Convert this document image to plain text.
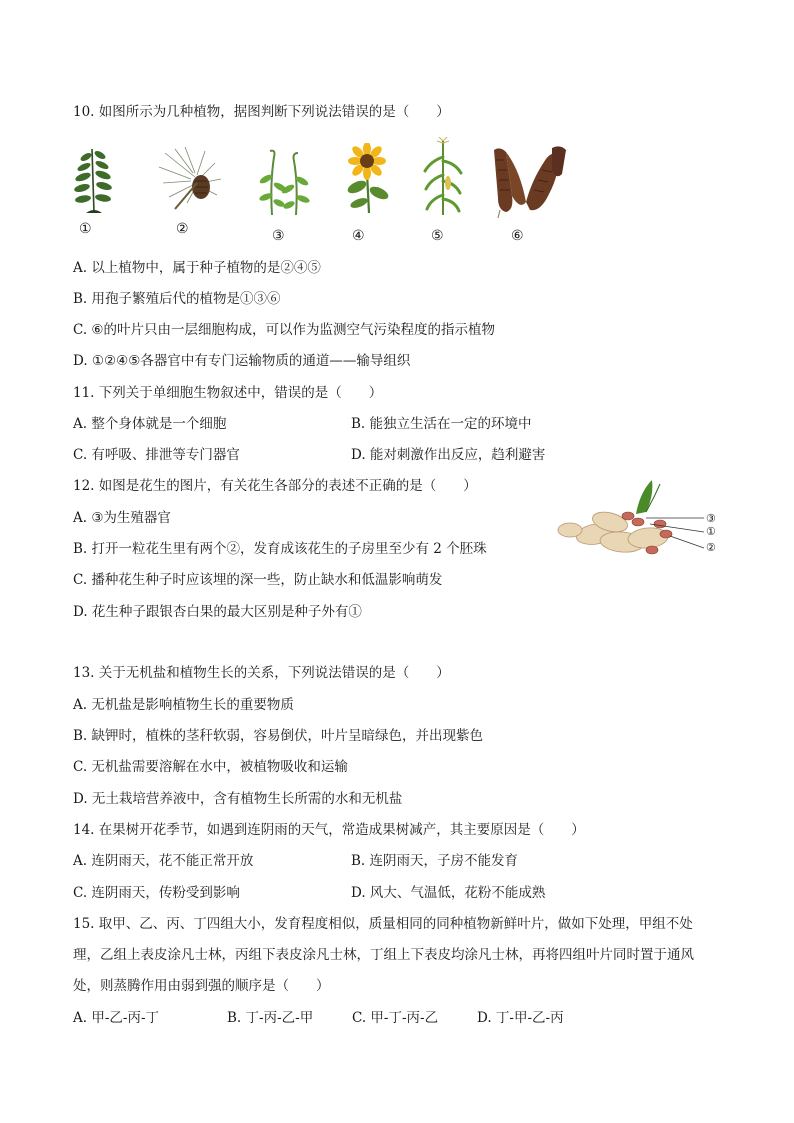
10. 如图所示为几种植物，据图判断下列说法错误的是（　　）
①	②	③	④	⑤	⑥
A. 以上植物中，属于种子植物的是②④⑤
B. 用孢子繁殖后代的植物是①③⑥
C. ⑥的叶片只由一层细胞构成，可以作为监测空气污染程度的指示植物
D. ①②④⑤各器官中有专门运输物质的通道——输导组织
11. 下列关于单细胞生物叙述中，错误的是（　　）
A. 整个身体就是一个细胞	B. 能独立生活在一定的环境中
C. 有呼吸、排泄等专门器官	D. 能对刺激作出反应，趋利避害
12. 如图是花生的图片，有关花生各部分的表述不正确的是（　　）
A. ③为生殖器官
B. 打开一粒花生里有两个②，发育成该花生的子房里至少有 2 个胚珠
C. 播种花生种子时应该埋的深一些，防止缺水和低温影响萌发
D. 花生种子跟银杏白果的最大区别是种子外有①
③
①
②
13. 关于无机盐和植物生长的关系，下列说法错误的是（　　）
A. 无机盐是影响植物生长的重要物质
B. 缺钾时，植株的茎秆软弱，容易倒伏，叶片呈暗绿色，并出现紫色
C. 无机盐需要溶解在水中，被植物吸收和运输
D. 无土栽培营养液中，含有植物生长所需的水和无机盐
14. 在果树开花季节，如遇到连阴雨的天气，常造成果树减产，其主要原因是（　　）
A. 连阴雨天，花不能正常开放	B. 连阴雨天，子房不能发育
C. 连阴雨天，传粉受到影响	D. 风大、气温低，花粉不能成熟
15. 取甲、乙、丙、丁四组大小，发育程度相似，质量相同的同种植物新鲜叶片，做如下处理，甲组不处
理，乙组上表皮涂凡士林，丙组下表皮涂凡士林，丁组上下表皮均涂凡士林，再将四组叶片同时置于通风
处，则蒸腾作用由弱到强的顺序是（　　）
A. 甲-乙-丙-丁	B. 丁-丙-乙-甲	C. 甲-丁-丙-乙	D. 丁-甲-乙-丙
